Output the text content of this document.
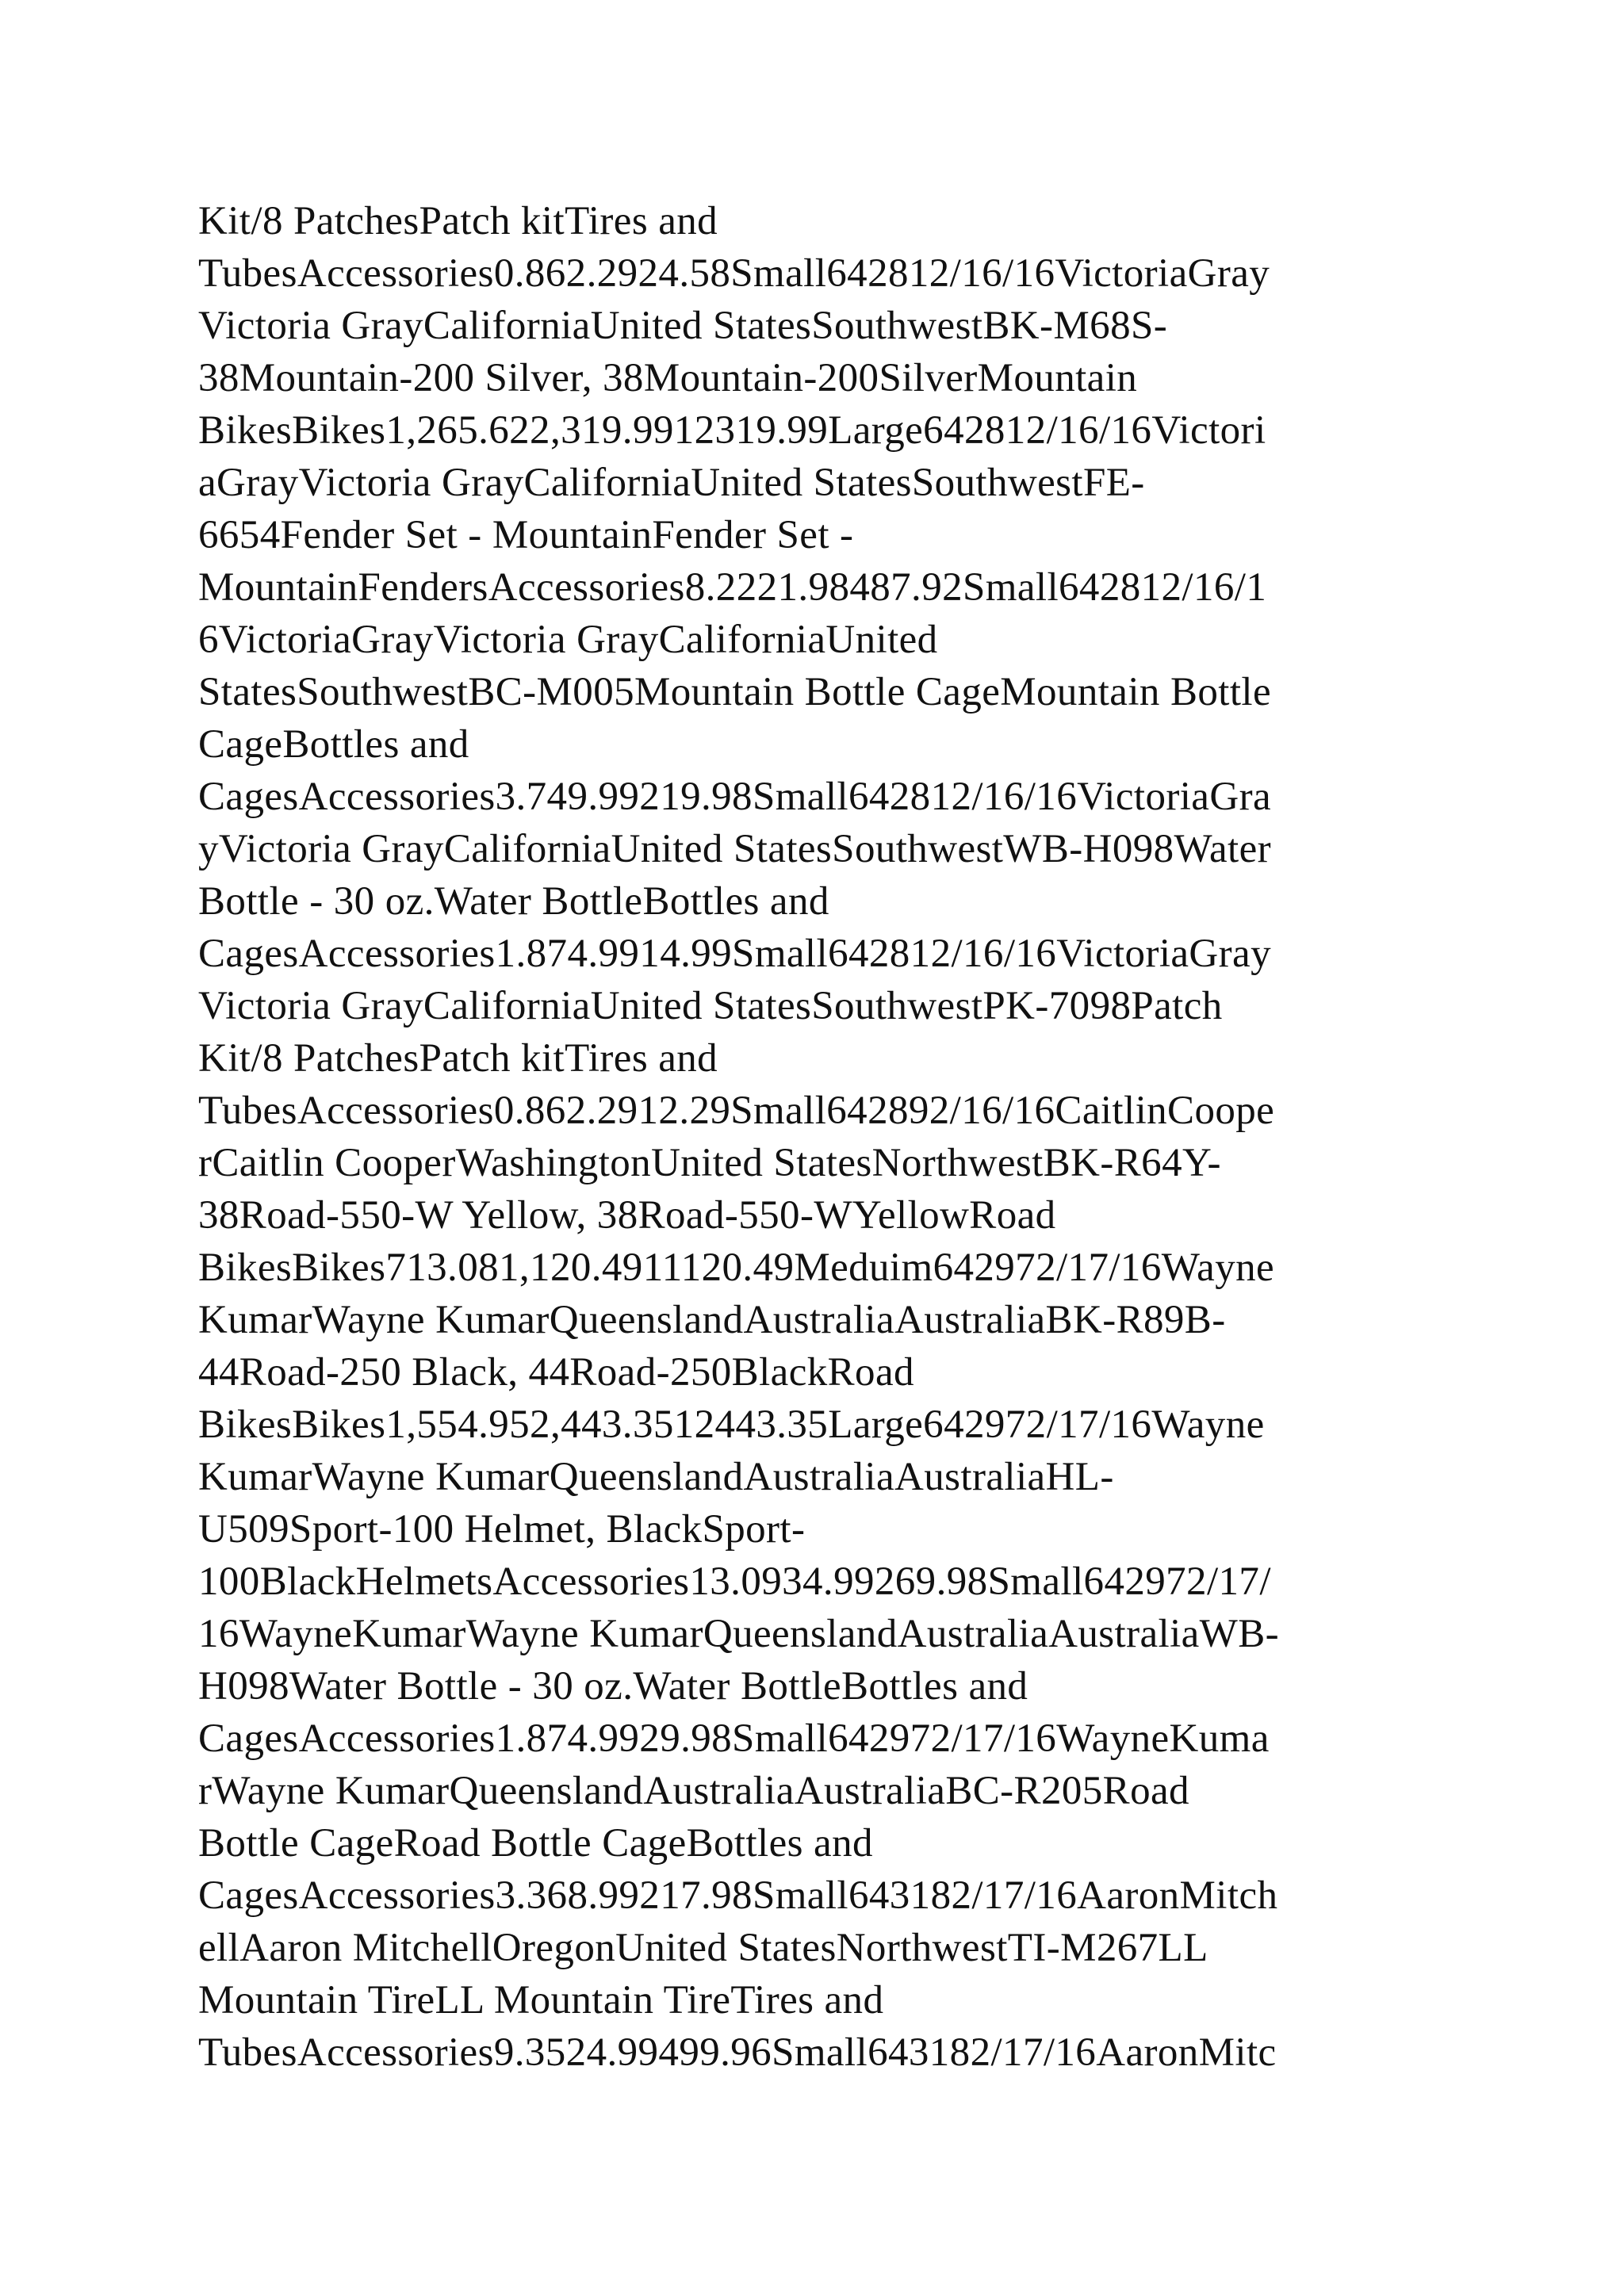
Kit/8 PatchesPatch kitTires and
TubesAccessories0.862.2924.58Small642812/16/16VictoriaGray
Victoria GrayCaliforniaUnited StatesSouthwestBK-M68S-
38Mountain-200 Silver, 38Mountain-200SilverMountain
BikesBikes1,265.622,319.9912319.99Large642812/16/16Victori
aGrayVictoria GrayCaliforniaUnited StatesSouthwestFE-
6654Fender Set - MountainFender Set -
MountainFendersAccessories8.2221.98487.92Small642812/16/1
6VictoriaGrayVictoria GrayCaliforniaUnited
StatesSouthwestBC-M005Mountain Bottle CageMountain Bottle
CageBottles and
CagesAccessories3.749.99219.98Small642812/16/16VictoriaGra
yVictoria GrayCaliforniaUnited StatesSouthwestWB-H098Water
Bottle - 30 oz.Water BottleBottles and
CagesAccessories1.874.9914.99Small642812/16/16VictoriaGray
Victoria GrayCaliforniaUnited StatesSouthwestPK-7098Patch
Kit/8 PatchesPatch kitTires and
TubesAccessories0.862.2912.29Small642892/16/16CaitlinCoope
rCaitlin CooperWashingtonUnited StatesNorthwestBK-R64Y-
38Road-550-W Yellow, 38Road-550-WYellowRoad
BikesBikes713.081,120.4911120.49Meduim642972/17/16Wayne
KumarWayne KumarQueenslandAustraliaAustraliaBK-R89B-
44Road-250 Black, 44Road-250BlackRoad
BikesBikes1,554.952,443.3512443.35Large642972/17/16Wayne
KumarWayne KumarQueenslandAustraliaAustraliaHL-
U509Sport-100 Helmet, BlackSport-
100BlackHelmetsAccessories13.0934.99269.98Small642972/17/
16WayneKumarWayne KumarQueenslandAustraliaAustraliaWB-
H098Water Bottle - 30 oz.Water BottleBottles and
CagesAccessories1.874.9929.98Small642972/17/16WayneKuma
rWayne KumarQueenslandAustraliaAustraliaBC-R205Road
Bottle CageRoad Bottle CageBottles and
CagesAccessories3.368.99217.98Small643182/17/16AaronMitch
ellAaron MitchellOregonUnited StatesNorthwestTI-M267LL
Mountain TireLL Mountain TireTires and
TubesAccessories9.3524.99499.96Small643182/17/16AaronMitc
